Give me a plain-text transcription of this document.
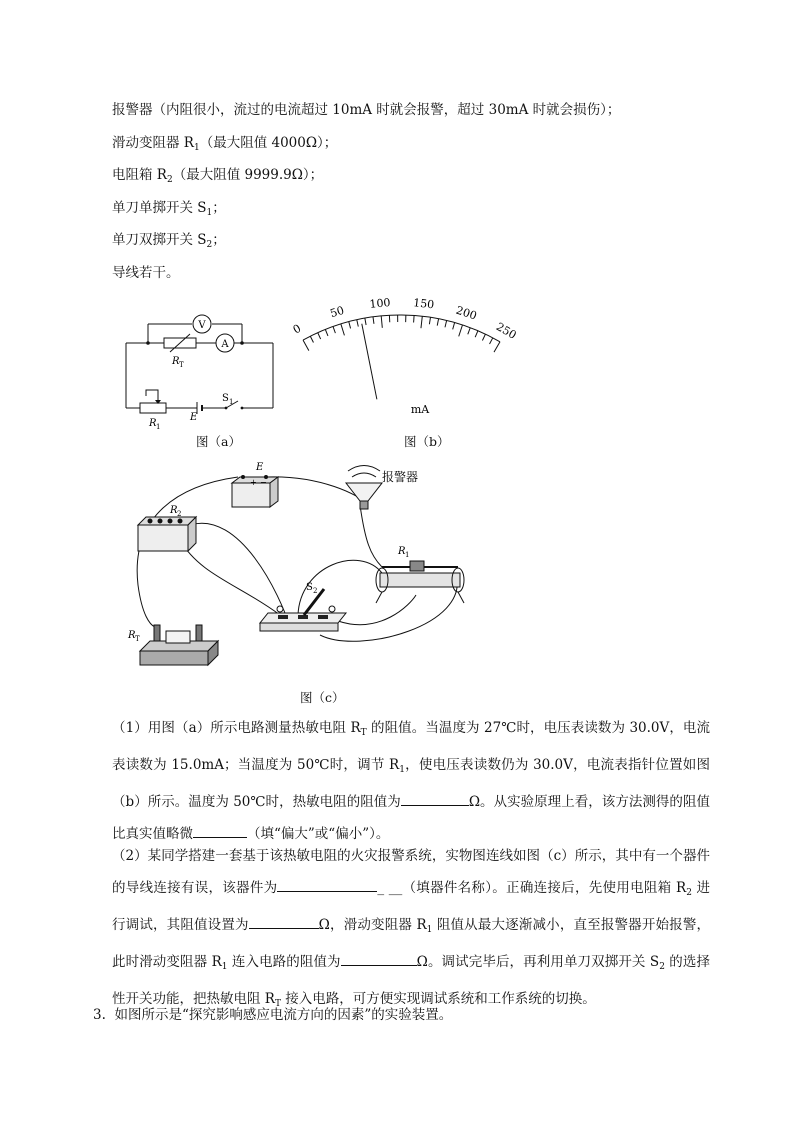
报警器（内阻很小，流过的电流超过 10mA 时就会报警，超过 30mA 时就会损伤）；
滑动变阻器 $R_1$（最大阻值 4000Ω）；
电阻箱 $R_2$（最大阻值 9999.9Ω）；
单刀单掷开关 $S_1$；
单刀双掷开关 $S_2$；
导线若干。
V
A
R T
R 1
E
S 1
图（a）
0
50
100 150 200
250
mA
图（b）
E
+ −	报警器
R 2
R 1
S 2
R T
图（c）

（1）用图（a）所示电路测量热敏电阻 $R_T$ 的阻值。当温度为 27℃时，电压表读数为 30.0V，电流表读数为 15.0mA；当温度为 50℃时，调节 $R_1$，使电压表读数仍为 30.0V，电流表指针位置如图（b）所示。温度为 50℃时，热敏电阻的阻值为	Ω。从实验原理上看，该方法测得的阻值比真实值略微	（填“偏大”或“偏小”）。

（2）某同学搭建一套基于该热敏电阻的火灾报警系统，实物图连线如图（c）所示，其中有一个器件的导线连接有误，该器件为	_ __（填器件名称）。正确连接后，先使用电阻箱 $R_2$ 进行调试，其阻值设置为	Ω，滑动变阻器 $R_1$ 阻值从最大逐渐减小，直至报警器开始报警，此时滑动变阻器 $R_1$ 连入电路的阻值为	Ω。调试完毕后，再利用单刀双掷开关 $S_2$ 的选择性开关功能，把热敏电阻 $R_T$ 接入电路，可方便实现调试系统和工作系统的切换。

3. 如图所示是“探究影响感应电流方向的因素”的实验装置。
